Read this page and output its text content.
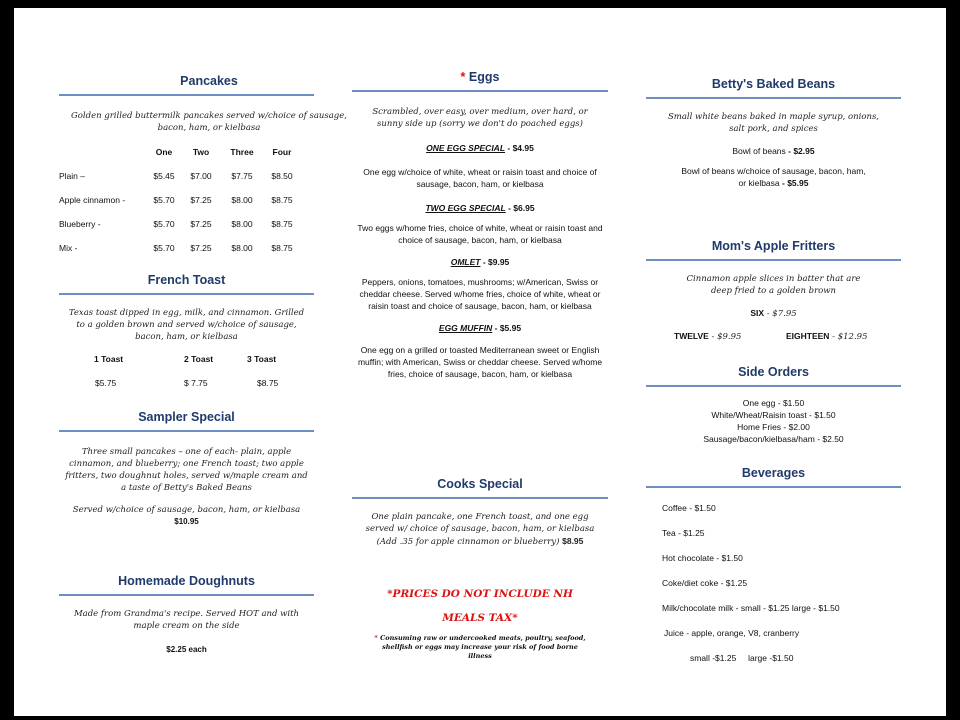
Pancakes
Golden grilled buttermilk pancakes served w/choice of sausage, bacon, ham, or kielbasa
	One	Two	Three	Four
Plain –	$5.45	$7.00	$7.75	$8.50
Apple cinnamon -	$5.70	$7.25	$8.00	$8.75
Blueberry -	$5.70	$7.25	$8.00	$8.75
Mix -	$5.70	$7.25	$8.00	$8.75
French Toast
Texas toast dipped in egg, milk, and cinnamon. Grilled to a golden brown and served w/choice of sausage, bacon, ham, or kielbasa
1 Toast	2 Toast	3 Toast
$5.75	$ 7.75	$8.75
Sampler Special
Three small pancakes – one of each- plain, apple cinnamon, and blueberry; one French toast; two apple fritters, two doughnut holes, served w/maple cream and a taste of Betty's Baked Beans
Served w/choice of sausage, bacon, ham, or kielbasa
$10.95
Homemade Doughnuts
Made from Grandma's recipe. Served HOT and with maple cream on the side
$2.25 each
* Eggs
Scrambled, over easy, over medium, over hard, or sunny side up (sorry we don't do poached eggs)
ONE EGG SPECIAL - $4.95
One egg w/choice of white, wheat or raisin toast and choice of sausage, bacon, ham, or kielbasa
TWO EGG SPECIAL - $6.95
Two eggs w/home fries, choice of white, wheat or raisin toast and choice of sausage, bacon, ham, or kielbasa
OMLET - $9.95
Peppers, onions, tomatoes, mushrooms; w/American, Swiss or cheddar cheese. Served w/home fries, choice of white, wheat or raisin toast and choice of sausage, bacon, ham, or kielbasa
EGG MUFFIN - $5.95
One egg on a grilled or toasted Mediterranean sweet or English muffin; with American, Swiss or cheddar cheese. Served w/home fries, choice of sausage, bacon, ham, or kielbasa
Cooks Special
One plain pancake, one French toast, and one egg served w/ choice of sausage, bacon, ham, or kielbasa (Add .35 for apple cinnamon or blueberry) $8.95
*PRICES DO NOT INCLUDE NH
MEALS TAX*
* Consuming raw or undercooked meats, poultry, seafood, shellfish or eggs may increase your risk of food borne illness
Betty's Baked Beans
Small white beans baked in maple syrup, onions, salt pork, and spices
Bowl of beans - $2.95
Bowl of beans w/choice of sausage, bacon, ham,
or kielbasa - $5.95
Mom's Apple Fritters
Cinnamon apple slices in batter that are deep fried to a golden brown
SIX - $7.95
TWELVE - $9.95	EIGHTEEN - $12.95
Side Orders
One egg - $1.50
White/Wheat/Raisin toast - $1.50
Home Fries - $2.00
Sausage/bacon/kielbasa/ham - $2.50
Beverages
Coffee - $1.50
Tea - $1.25
Hot chocolate - $1.50
Coke/diet coke - $1.25
Milk/chocolate milk - small - $1.25 large - $1.50
Juice - apple, orange, V8, cranberry
small -$1.25     large -$1.50
